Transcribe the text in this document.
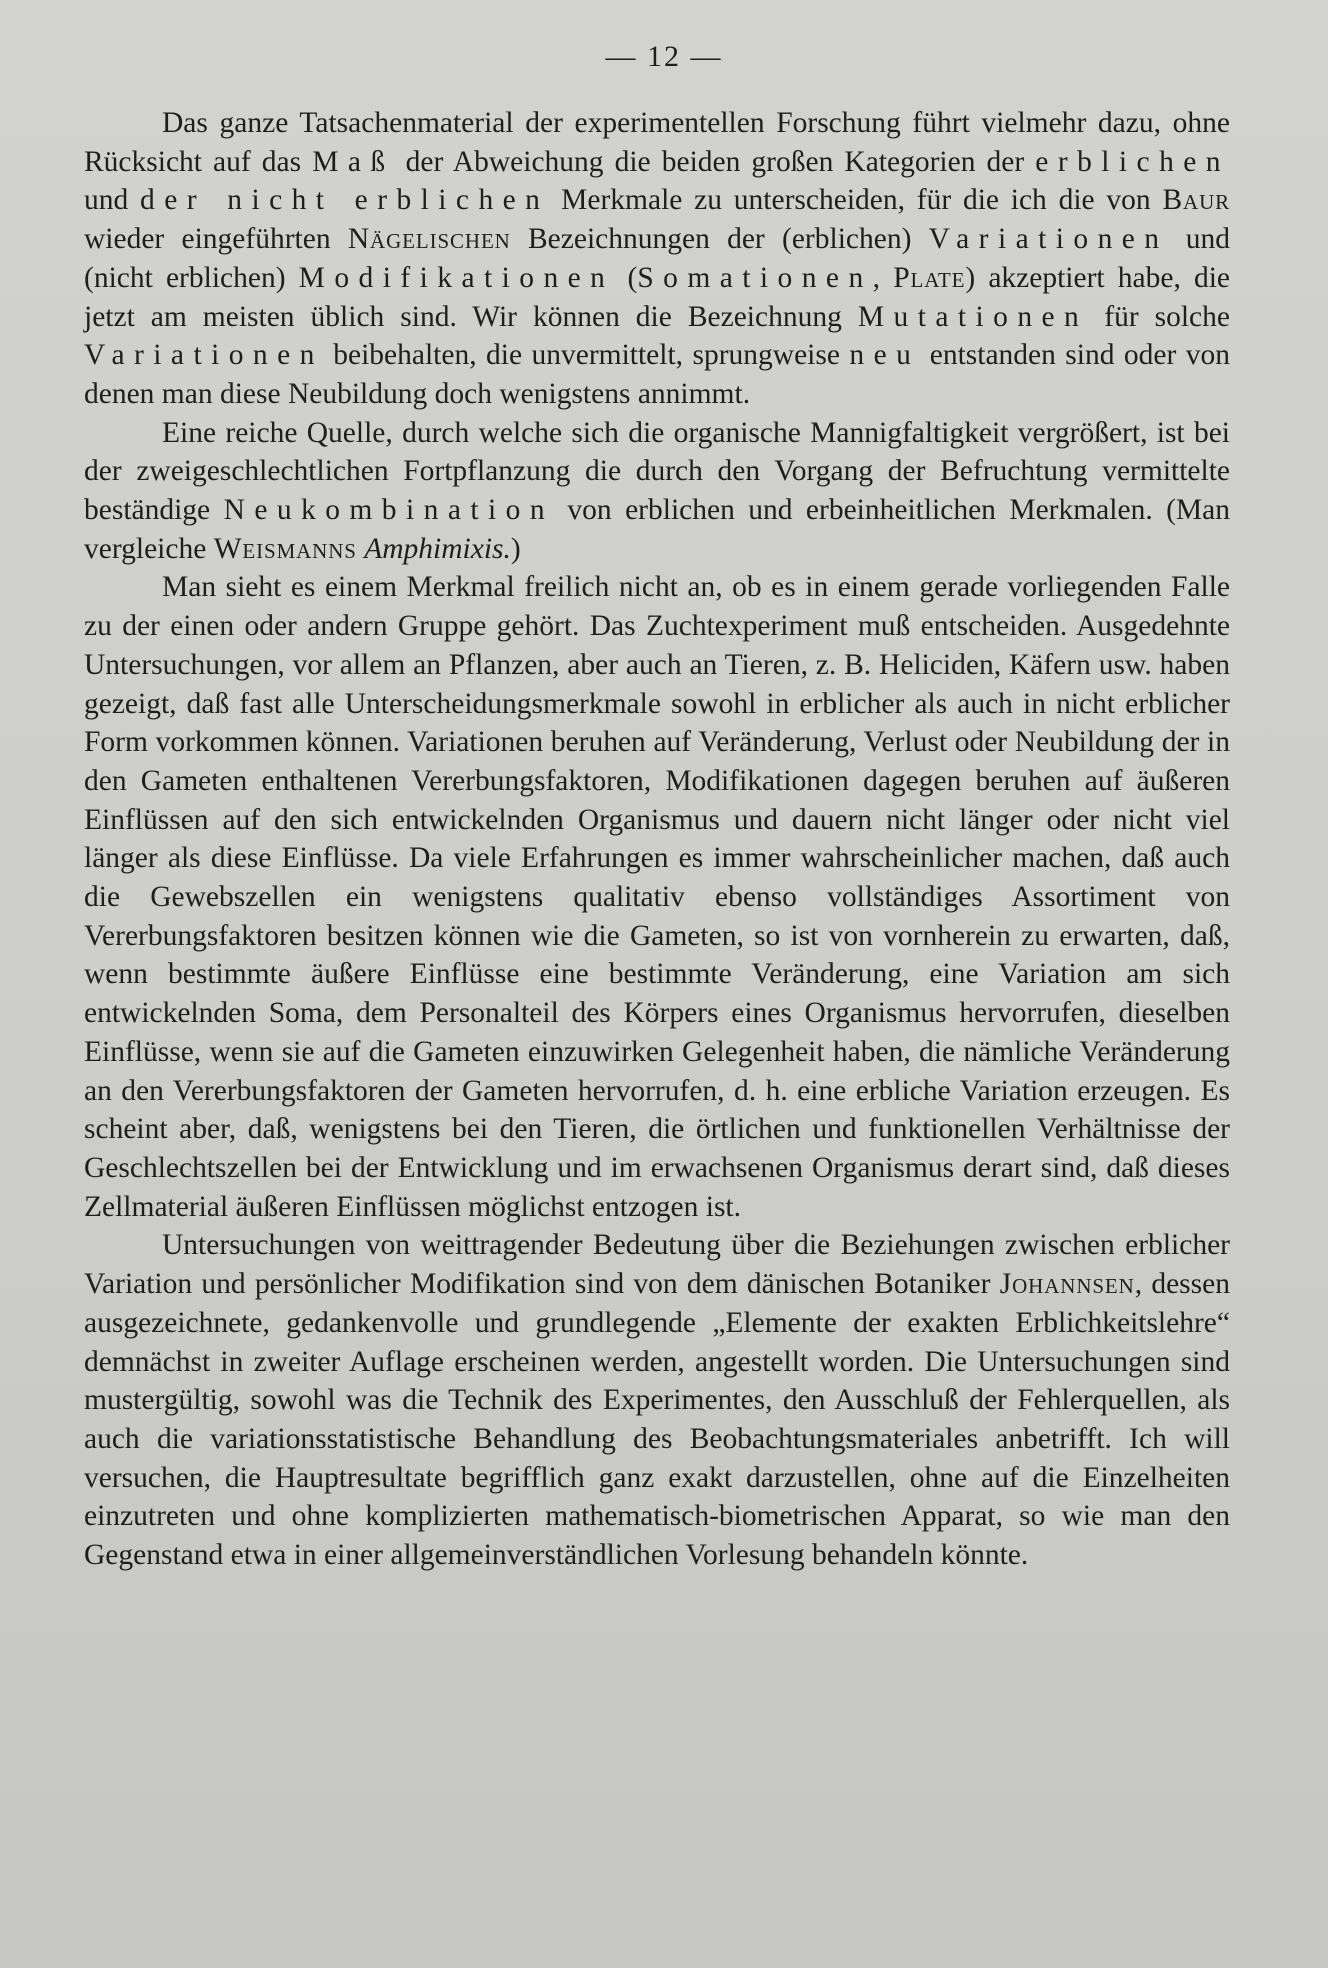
— 12 —

Das ganze Tatsachenmaterial der experimentellen Forschung führt vielmehr dazu, ohne Rücksicht auf das Maß der Abweichung die beiden großen Kategorien der erblichen und der nicht erblichen Merkmale zu unterscheiden, für die ich die von Baur wieder eingeführten Nägelischen Bezeichnungen der (erblichen) Variationen und (nicht erblichen) Modifikationen (Somationen, Plate) akzeptiert habe, die jetzt am meisten üblich sind. Wir können die Bezeichnung Mutationen für solche Variationen beibehalten, die unvermittelt, sprungweise neu entstanden sind oder von denen man diese Neubildung doch wenigstens annimmt.

Eine reiche Quelle, durch welche sich die organische Mannigfaltigkeit vergrößert, ist bei der zweigeschlechtlichen Fortpflanzung die durch den Vorgang der Befruchtung vermittelte beständige Neukombination von erblichen und erbeinheitlichen Merkmalen. (Man vergleiche Weismanns Amphimixis.)

Man sieht es einem Merkmal freilich nicht an, ob es in einem gerade vorliegenden Falle zu der einen oder andern Gruppe gehört. Das Zuchtexperiment muß entscheiden. Ausgedehnte Untersuchungen, vor allem an Pflanzen, aber auch an Tieren, z. B. Heliciden, Käfern usw. haben gezeigt, daß fast alle Unterscheidungsmerkmale sowohl in erblicher als auch in nicht erblicher Form vorkommen können. Variationen beruhen auf Veränderung, Verlust oder Neubildung der in den Gameten enthaltenen Vererbungsfaktoren, Modifikationen dagegen beruhen auf äußeren Einflüssen auf den sich entwickelnden Organismus und dauern nicht länger oder nicht viel länger als diese Einflüsse. Da viele Erfahrungen es immer wahrscheinlicher machen, daß auch die Gewebszellen ein wenigstens qualitativ ebenso vollständiges Assortiment von Vererbungsfaktoren besitzen können wie die Gameten, so ist von vornherein zu erwarten, daß, wenn bestimmte äußere Einflüsse eine bestimmte Veränderung, eine Variation am sich entwickelnden Soma, dem Personalteil des Körpers eines Organismus hervorrufen, dieselben Einflüsse, wenn sie auf die Gameten einzuwirken Gelegenheit haben, die nämliche Veränderung an den Vererbungsfaktoren der Gameten hervorrufen, d. h. eine erbliche Variation erzeugen. Es scheint aber, daß, wenigstens bei den Tieren, die örtlichen und funktionellen Verhältnisse der Geschlechtszellen bei der Entwicklung und im erwachsenen Organismus derart sind, daß dieses Zellmaterial äußeren Einflüssen möglichst entzogen ist.

Untersuchungen von weittragender Bedeutung über die Beziehungen zwischen erblicher Variation und persönlicher Modifikation sind von dem dänischen Botaniker Johannsen, dessen ausgezeichnete, gedankenvolle und grundlegende „Elemente der exakten Erblichkeitslehre“ demnächst in zweiter Auflage erscheinen werden, angestellt worden. Die Untersuchungen sind mustergültig, sowohl was die Technik des Experimentes, den Ausschluß der Fehlerquellen, als auch die variationsstatistische Behandlung des Beobachtungsmateriales anbetrifft. Ich will versuchen, die Hauptresultate begrifflich ganz exakt darzustellen, ohne auf die Einzelheiten einzutreten und ohne komplizierten mathematisch-biometrischen Apparat, so wie man den Gegenstand etwa in einer allgemeinverständlichen Vorlesung behandeln könnte.
